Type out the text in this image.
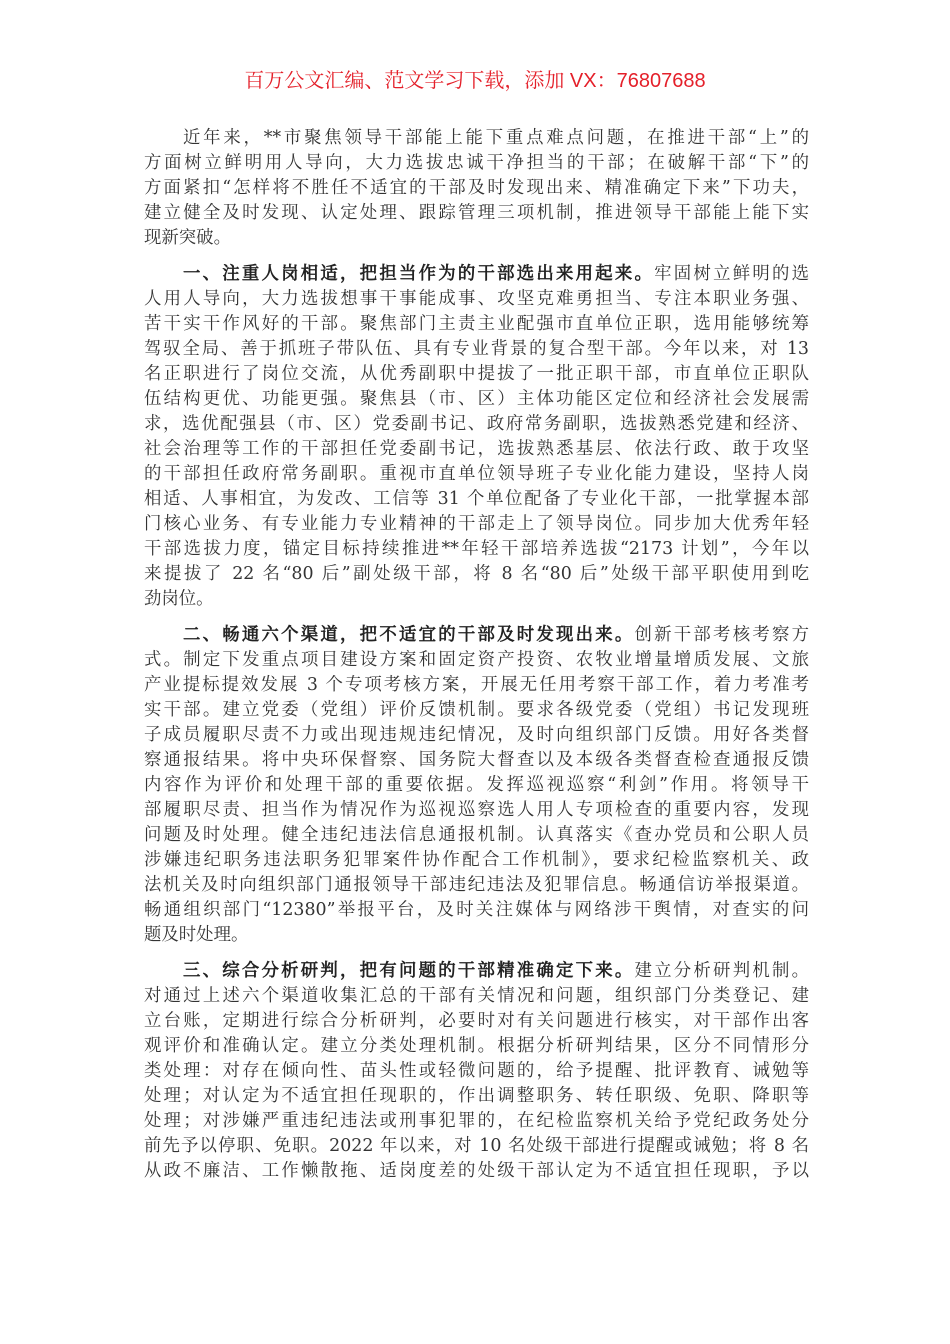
百万公文汇编、范文学习下载，添加 VX：76807688
近年来，**市聚焦领导干部能上能下重点难点问题，在推进干部“上”的
方面树立鲜明用人导向，大力选拔忠诚干净担当的干部；在破解干部“下”的
方面紧扣“怎样将不胜任不适宜的干部及时发现出来、精准确定下来”下功夫，
建立健全及时发现、认定处理、跟踪管理三项机制，推进领导干部能上能下实
现新突破。
一、注重人岗相适，把担当作为的干部选出来用起来。牢固树立鲜明的选
人用人导向，大力选拔想事干事能成事、攻坚克难勇担当、专注本职业务强、
苦干实干作风好的干部。聚焦部门主责主业配强市直单位正职，选用能够统筹
驾驭全局、善于抓班子带队伍、具有专业背景的复合型干部。今年以来，对 13
名正职进行了岗位交流，从优秀副职中提拔了一批正职干部，市直单位正职队
伍结构更优、功能更强。聚焦县（市、区）主体功能区定位和经济社会发展需
求，选优配强县（市、区）党委副书记、政府常务副职，选拔熟悉党建和经济、
社会治理等工作的干部担任党委副书记，选拔熟悉基层、依法行政、敢于攻坚
的干部担任政府常务副职。重视市直单位领导班子专业化能力建设，坚持人岗
相适、人事相宜，为发改、工信等 31 个单位配备了专业化干部，一批掌握本部
门核心业务、有专业能力专业精神的干部走上了领导岗位。同步加大优秀年轻
干部选拔力度，锚定目标持续推进**年轻干部培养选拔“2173 计划”，今年以
来提拔了 22 名“80 后”副处级干部，将 8 名“80 后”处级干部平职使用到吃
劲岗位。
二、畅通六个渠道，把不适宜的干部及时发现出来。创新干部考核考察方
式。制定下发重点项目建设方案和固定资产投资、农牧业增量增质发展、文旅
产业提标提效发展 3 个专项考核方案，开展无任用考察干部工作，着力考准考
实干部。建立党委（党组）评价反馈机制。要求各级党委（党组）书记发现班
子成员履职尽责不力或出现违规违纪情况，及时向组织部门反馈。用好各类督
察通报结果。将中央环保督察、国务院大督查以及本级各类督查检查通报反馈
内容作为评价和处理干部的重要依据。发挥巡视巡察“利剑”作用。将领导干
部履职尽责、担当作为情况作为巡视巡察选人用人专项检查的重要内容，发现
问题及时处理。健全违纪违法信息通报机制。认真落实《查办党员和公职人员
涉嫌违纪职务违法职务犯罪案件协作配合工作机制》，要求纪检监察机关、政
法机关及时向组织部门通报领导干部违纪违法及犯罪信息。畅通信访举报渠道。
畅通组织部门“12380”举报平台，及时关注媒体与网络涉干舆情，对查实的问
题及时处理。
三、综合分析研判，把有问题的干部精准确定下来。建立分析研判机制。
对通过上述六个渠道收集汇总的干部有关情况和问题，组织部门分类登记、建
立台账，定期进行综合分析研判，必要时对有关问题进行核实，对干部作出客
观评价和准确认定。建立分类处理机制。根据分析研判结果，区分不同情形分
类处理：对存在倾向性、苗头性或轻微问题的，给予提醒、批评教育、诫勉等
处理；对认定为不适宜担任现职的，作出调整职务、转任职级、免职、降职等
处理；对涉嫌严重违纪违法或刑事犯罪的，在纪检监察机关给予党纪政务处分
前先予以停职、免职。2022 年以来，对 10 名处级干部进行提醒或诫勉；将 8 名
从政不廉洁、工作懒散拖、适岗度差的处级干部认定为不适宜担任现职，予以
